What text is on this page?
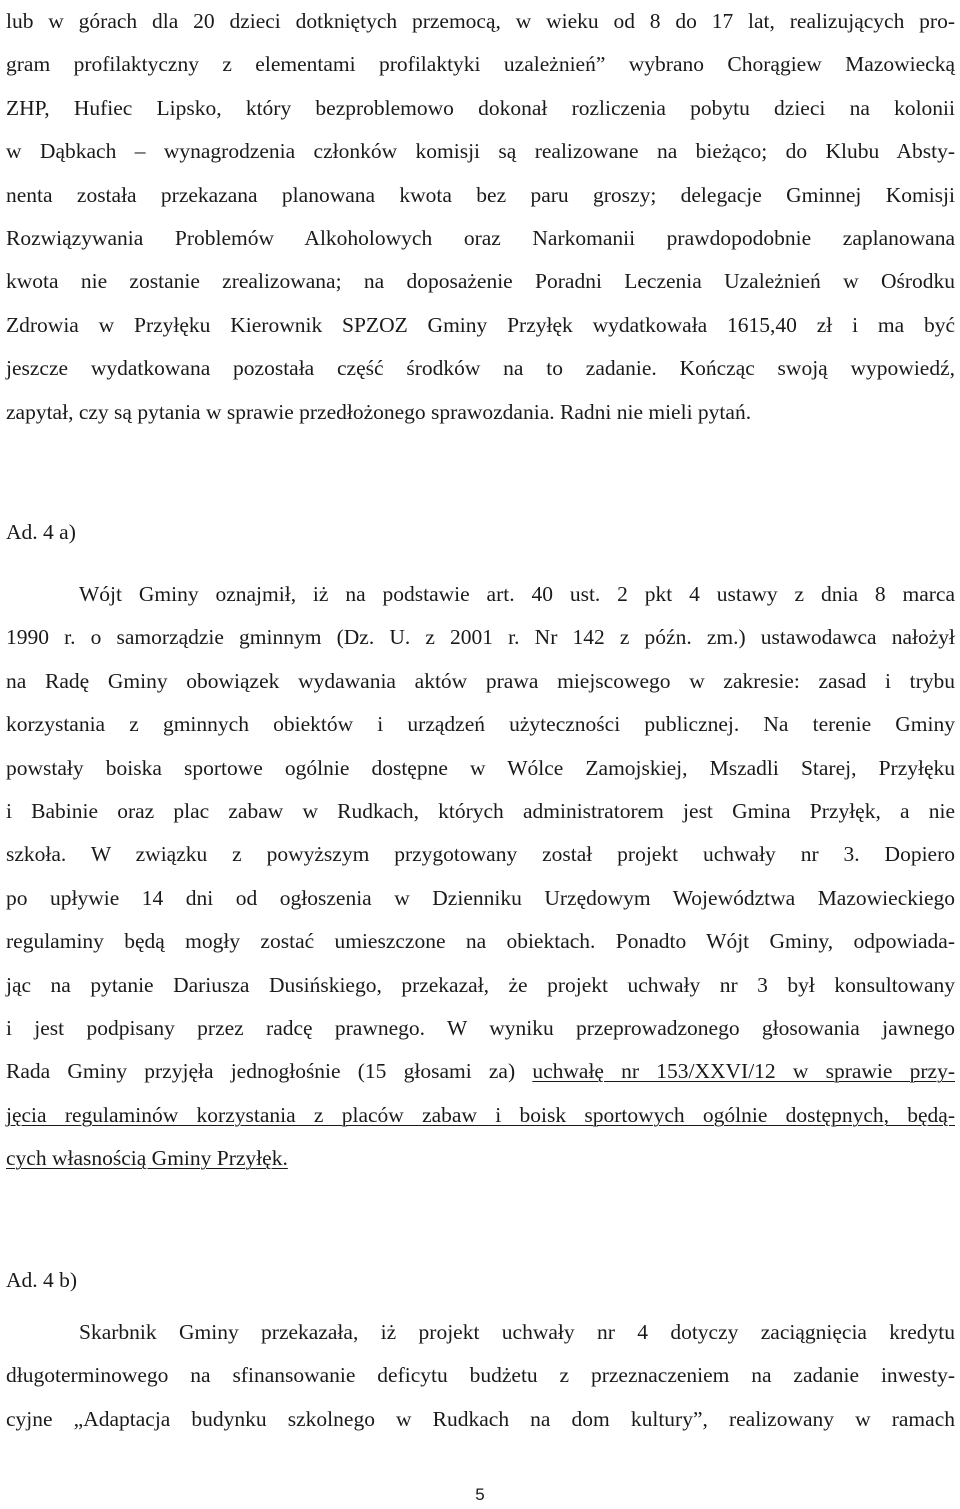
lub w górach dla 20 dzieci dotkniętych przemocą, w wieku od 8 do 17 lat, realizujących pro-
gram profilaktyczny z elementami profilaktyki uzależnień” wybrano Chorągiew Mazowiecką
ZHP, Hufiec Lipsko, który bezproblemowo dokonał rozliczenia pobytu dzieci na kolonii
w Dąbkach – wynagrodzenia członków komisji są realizowane na bieżąco; do Klubu Absty-
nenta została przekazana planowana kwota bez paru groszy; delegacje Gminnej Komisji
Rozwiązywania Problemów Alkoholowych oraz Narkomanii prawdopodobnie zaplanowana
kwota nie zostanie zrealizowana; na doposażenie Poradni Leczenia Uzależnień w Ośrodku
Zdrowia w Przyłęku Kierownik SPZOZ Gminy Przyłęk wydatkowała 1615,40 zł i ma być
jeszcze wydatkowana pozostała część środków na to zadanie. Kończąc swoją wypowiedź,
zapytał, czy są pytania w sprawie przedłożonego sprawozdania. Radni nie mieli pytań.
Ad. 4 a)
Wójt Gminy oznajmił, iż na podstawie art. 40 ust. 2 pkt 4 ustawy z dnia 8 marca
1990 r. o samorządzie gminnym (Dz. U. z 2001 r. Nr 142 z późn. zm.) ustawodawca nałożył
na Radę Gminy obowiązek wydawania aktów prawa miejscowego w zakresie: zasad i trybu
korzystania z gminnych obiektów i urządzeń użyteczności publicznej. Na terenie Gminy
powstały boiska sportowe ogólnie dostępne w Wólce Zamojskiej, Mszadli Starej, Przyłęku
i Babinie oraz plac zabaw w Rudkach, których administratorem jest Gmina Przyłęk, a nie
szkoła. W związku z powyższym przygotowany został projekt uchwały nr 3. Dopiero
po upływie 14 dni od ogłoszenia w Dzienniku Urzędowym Województwa Mazowieckiego
regulaminy będą mogły zostać umieszczone na obiektach. Ponadto Wójt Gminy, odpowiada-
jąc na pytanie Dariusza Dusińskiego, przekazał, że projekt uchwały nr 3 był konsultowany
i jest podpisany przez radcę prawnego. W wyniku przeprowadzonego głosowania jawnego
Rada Gminy przyjęła jednogłośnie (15 głosami za) uchwałę nr 153/XXVI/12 w sprawie przy-
jęcia regulaminów korzystania z placów zabaw i boisk sportowych ogólnie dostępnych, będą-
cych własnością Gminy Przyłęk.
Ad. 4 b)
Skarbnik Gminy przekazała, iż projekt uchwały nr 4 dotyczy zaciągnięcia kredytu
długoterminowego na sfinansowanie deficytu budżetu z przeznaczeniem na zadanie inwesty-
cyjne „Adaptacja budynku szkolnego w Rudkach na dom kultury”, realizowany w ramach
5
